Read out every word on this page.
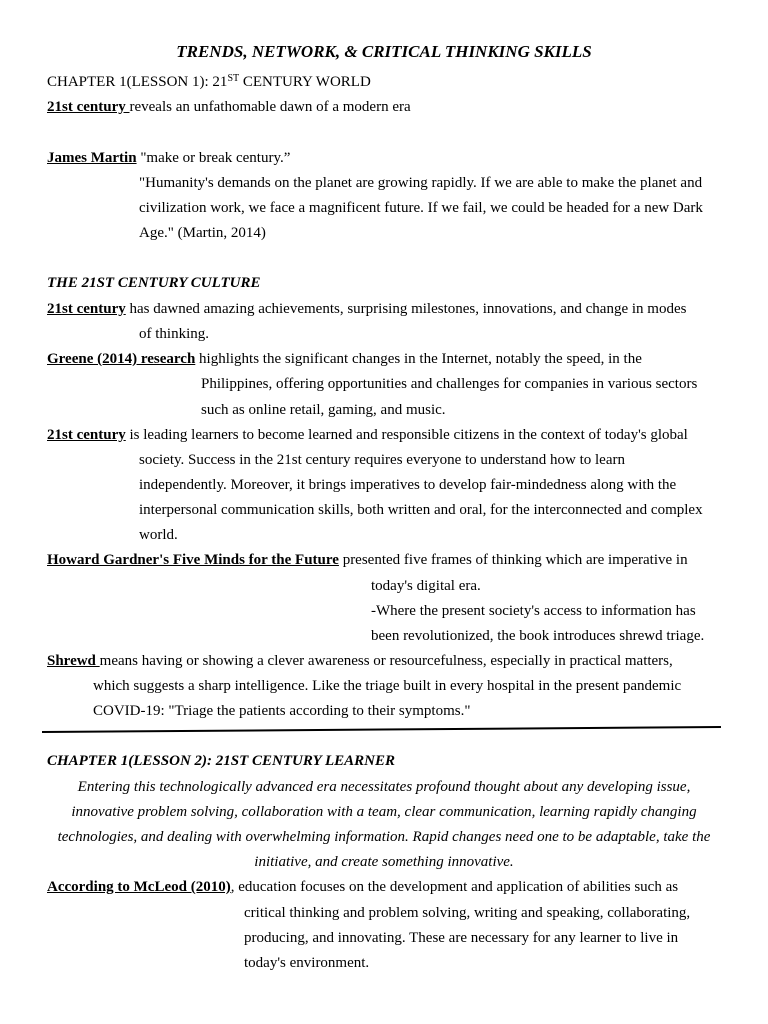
TRENDS, NETWORK, & CRITICAL THINKING SKILLS
CHAPTER 1(LESSON 1): 21ST CENTURY WORLD
21st century reveals an unfathomable dawn of a modern era
James Martin "make or break century.”
"Humanity's demands on the planet are growing rapidly. If we are able to make the planet and
civilization work, we face a magnificent future. If we fail, we could be headed for a new Dark
Age." (Martin, 2014)
THE 21ST CENTURY CULTURE
21st century has dawned amazing achievements, surprising milestones, innovations, and change in modes
of thinking.
Greene (2014) research highlights the significant changes in the Internet, notably the speed, in the
Philippines, offering opportunities and challenges for companies in various sectors
such as online retail, gaming, and music.
21st century is leading learners to become learned and responsible citizens in the context of today's global
society. Success in the 21st century requires everyone to understand how to learn
independently. Moreover, it brings imperatives to develop fair-mindedness along with the
interpersonal communication skills, both written and oral, for the interconnected and complex
world.
Howard Gardner's Five Minds for the Future presented five frames of thinking which are imperative in
today's digital era.
-Where the present society's access to information has
been revolutionized, the book introduces shrewd triage.
Shrewd means having or showing a clever awareness or resourcefulness, especially in practical matters,
which suggests a sharp intelligence. Like the triage built in every hospital in the present pandemic
COVID-19: "Triage the patients according to their symptoms."
CHAPTER 1(LESSON 2): 21ST CENTURY LEARNER
Entering this technologically advanced era necessitates profound thought about any developing issue,
innovative problem solving, collaboration with a team, clear communication, learning rapidly changing
technologies, and dealing with overwhelming information. Rapid changes need one to be adaptable, take the
initiative, and create something innovative.
According to McLeod (2010), education focuses on the development and application of abilities such as
critical thinking and problem solving, writing and speaking, collaborating,
producing, and innovating. These are necessary for any learner to live in
today's environment.
